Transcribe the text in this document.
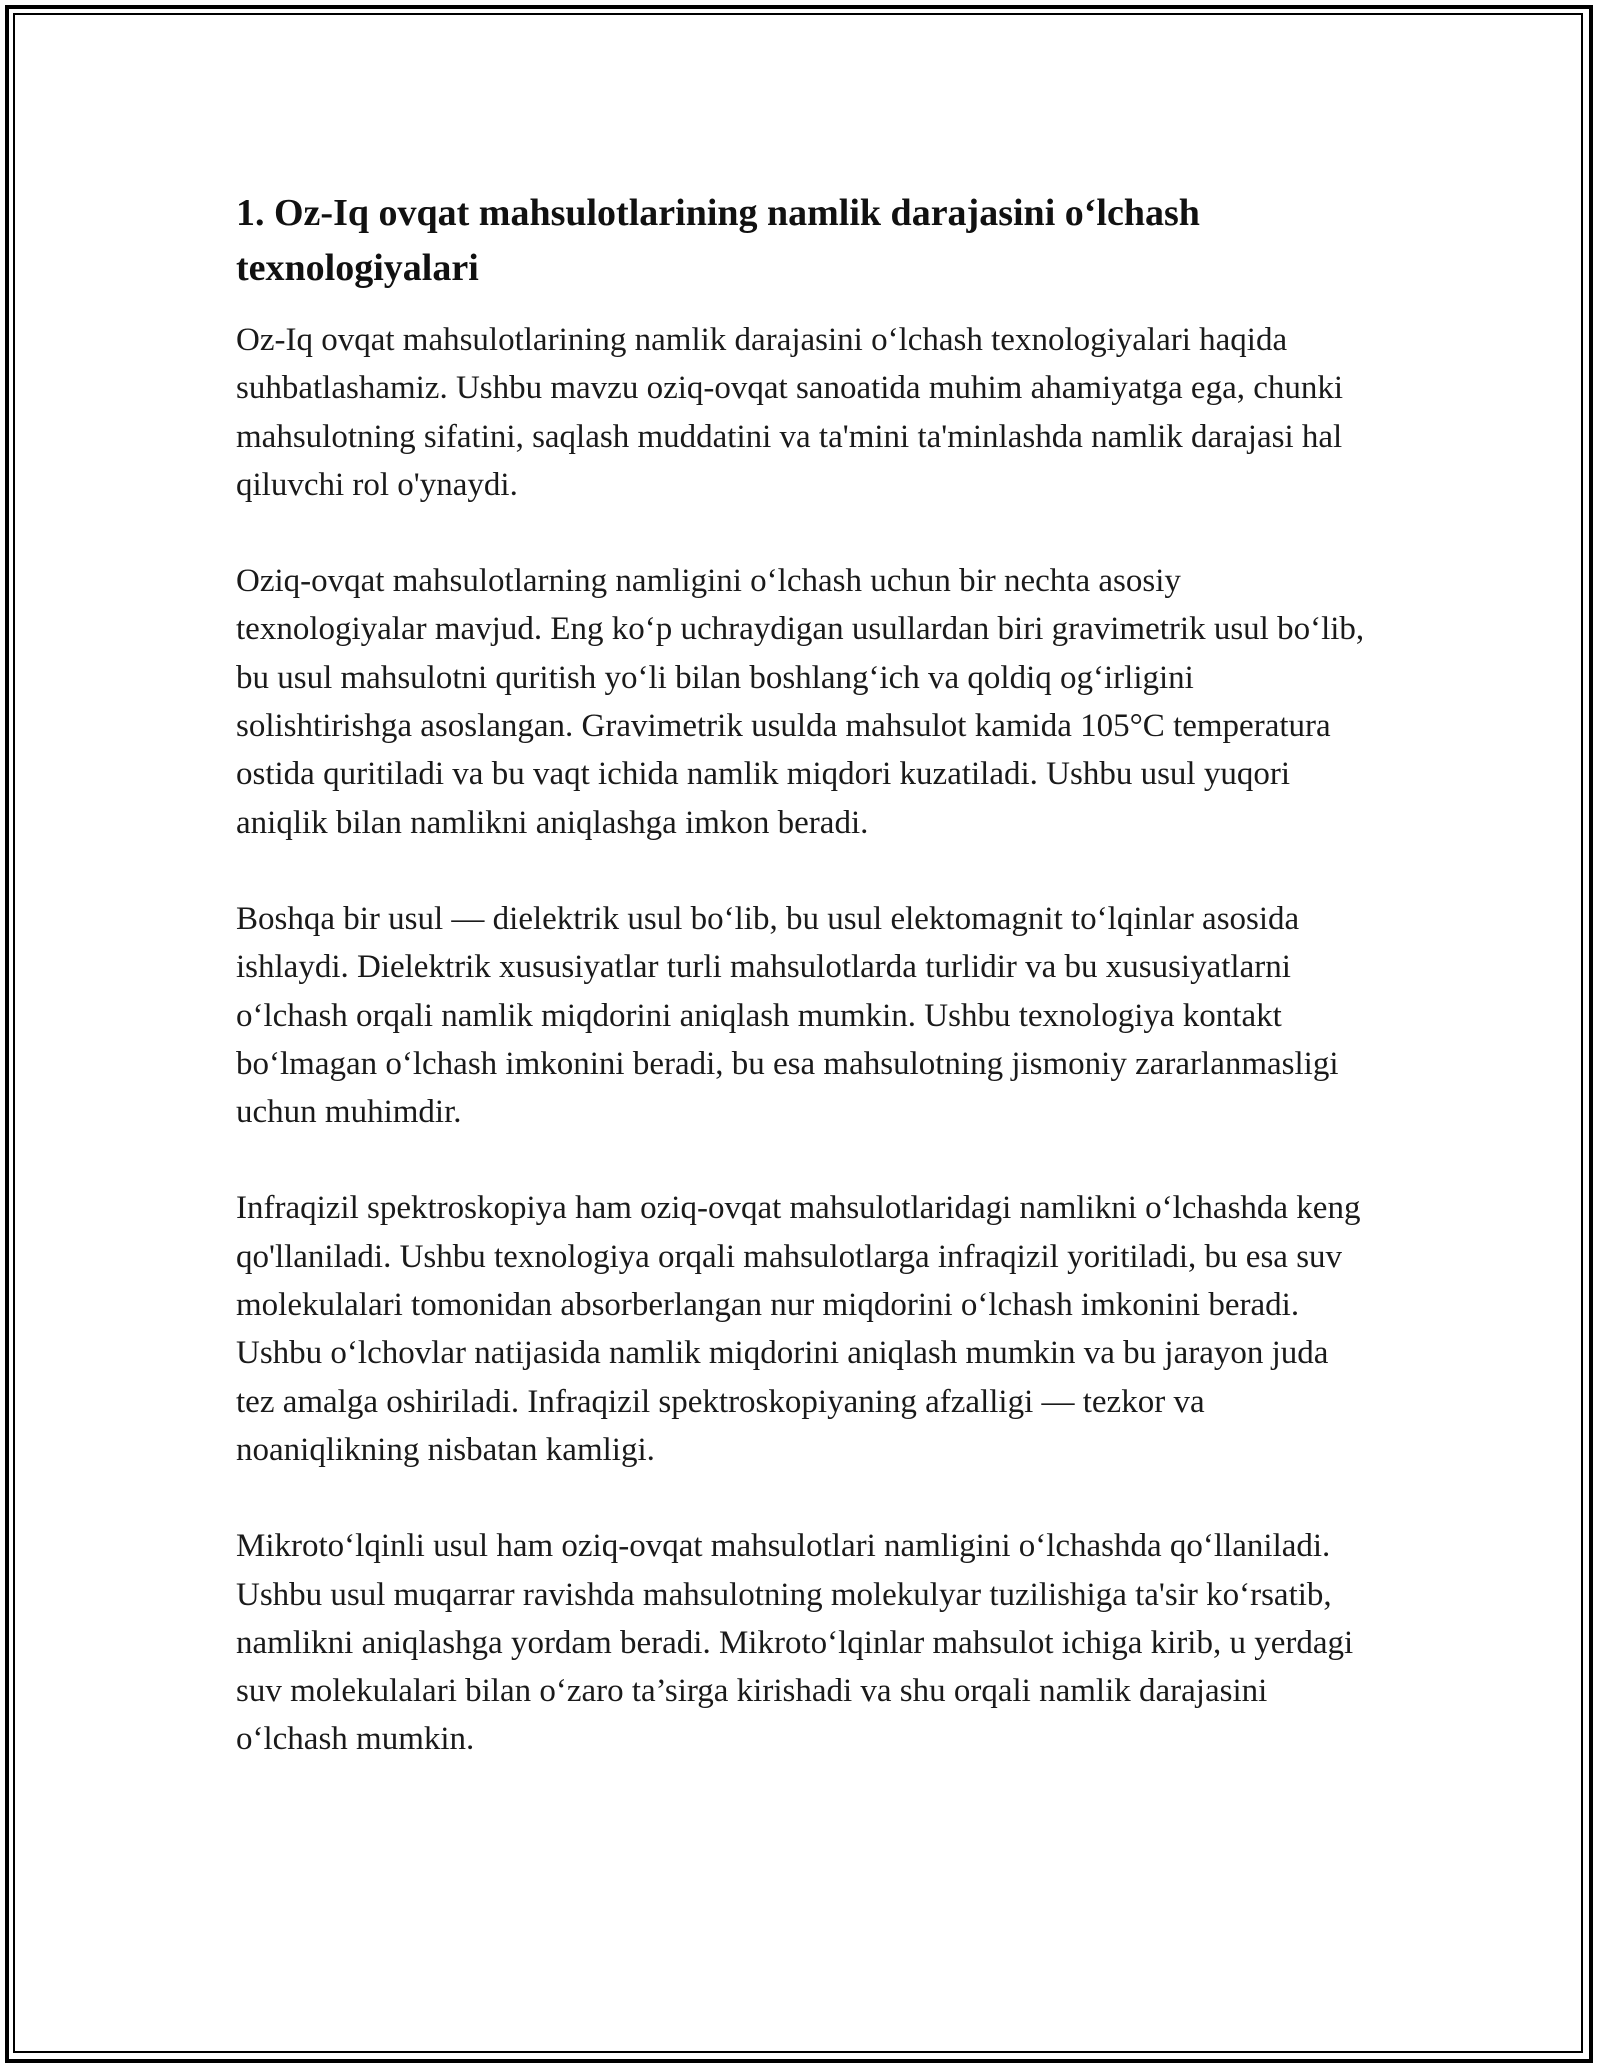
1. Oz-Iq ovqat mahsulotlarining namlik darajasini o‘lchash texnologiyalari

Oz-Iq ovqat mahsulotlarining namlik darajasini o‘lchash texnologiyalari haqida suhbatlashamiz. Ushbu mavzu oziq-ovqat sanoatida muhim ahamiyatga ega, chunki mahsulotning sifatini, saqlash muddatini va ta'mini ta'minlashda namlik darajasi hal qiluvchi rol o'ynaydi.

Oziq-ovqat mahsulotlarning namligini o‘lchash uchun bir nechta asosiy texnologiyalar mavjud. Eng ko‘p uchraydigan usullardan biri gravimetrik usul bo‘lib, bu usul mahsulotni quritish yo‘li bilan boshlang‘ich va qoldiq og‘irligini solishtirishga asoslangan. Gravimetrik usulda mahsulot kamida 105°C temperatura ostida quritiladi va bu vaqt ichida namlik miqdori kuzatiladi. Ushbu usul yuqori aniqlik bilan namlikni aniqlashga imkon beradi.

Boshqa bir usul — dielektrik usul bo‘lib, bu usul elektomagnit to‘lqinlar asosida ishlaydi. Dielektrik xususiyatlar turli mahsulotlarda turlidir va bu xususiyatlarni o‘lchash orqali namlik miqdorini aniqlash mumkin. Ushbu texnologiya kontakt bo‘lmagan o‘lchash imkonini beradi, bu esa mahsulotning jismoniy zararlanmasligi uchun muhimdir.

Infraqizil spektroskopiya ham oziq-ovqat mahsulotlaridagi namlikni o‘lchashda keng qo'llaniladi. Ushbu texnologiya orqali mahsulotlarga infraqizil yoritiladi, bu esa suv molekulalari tomonidan absorberlangan nur miqdorini o‘lchash imkonini beradi. Ushbu o‘lchovlar natijasida namlik miqdorini aniqlash mumkin va bu jarayon juda tez amalga oshiriladi. Infraqizil spektroskopiyaning afzalligi — tezkor va noaniqlikning nisbatan kamligi.

Mikroto‘lqinli usul ham oziq-ovqat mahsulotlari namligini o‘lchashda qo‘llaniladi. Ushbu usul muqarrar ravishda mahsulotning molekulyar tuzilishiga ta'sir ko‘rsatib, namlikni aniqlashga yordam beradi. Mikroto‘lqinlar mahsulot ichiga kirib, u yerdagi suv molekulalari bilan o‘zaro ta’sirga kirishadi va shu orqali namlik darajasini o‘lchash mumkin.
